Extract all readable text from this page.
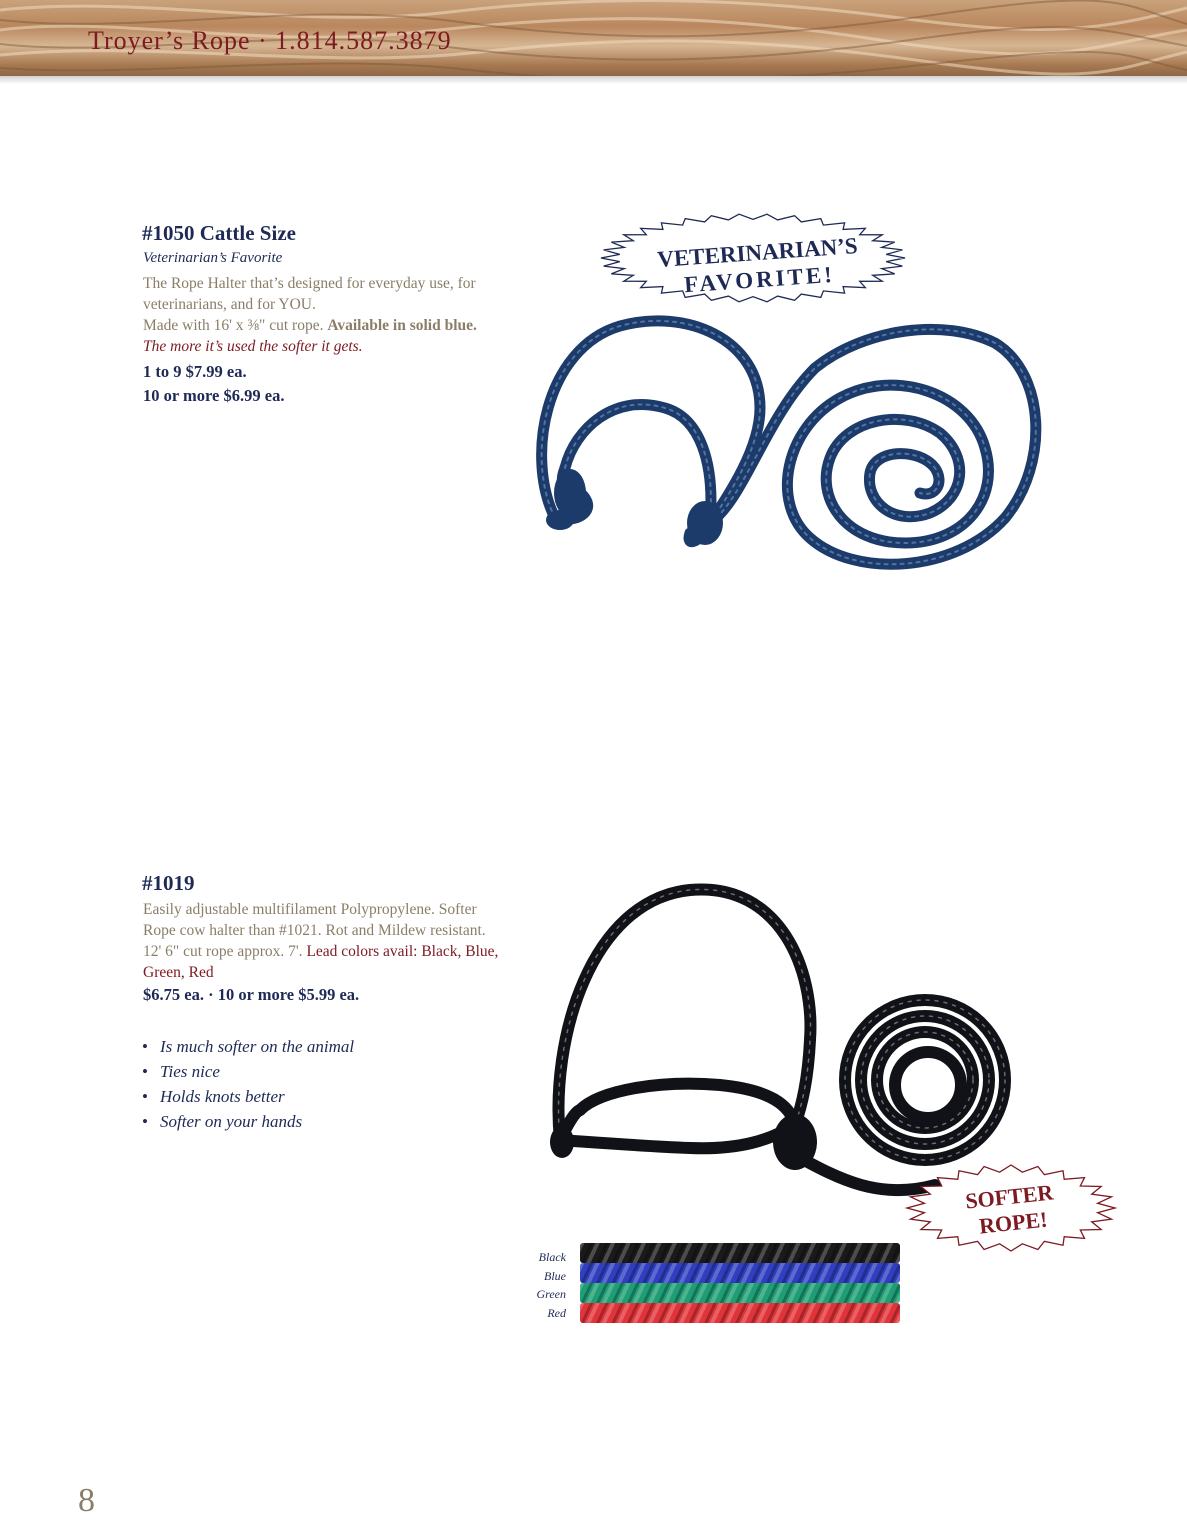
Troyer’s Rope · 1.814.587.3879
#1050 Cattle Size
Veterinarian’s Favorite
The Rope Halter that’s designed for everyday use, for
veterinarians, and for YOU.
Made with 16' x ⅜" cut rope. Available in solid blue.
The more it’s used the softer it gets.
1 to 9 $7.99 ea.
10 or more $6.99 ea.
VETERINARIAN’S
FAVORITE!
#1019
Easily adjustable multifilament Polypropylene. Softer
Rope cow halter than #1021. Rot and Mildew resistant.
12' 6" cut rope approx. 7'. Lead colors avail: Black, Blue,
Green, Red
$6.75 ea. · 10 or more $5.99 ea.
• Is much softer on the animal
• Ties nice
• Holds knots better
• Softer on your hands
SOFTER
ROPE!
Black
Blue
Green
Red
8
